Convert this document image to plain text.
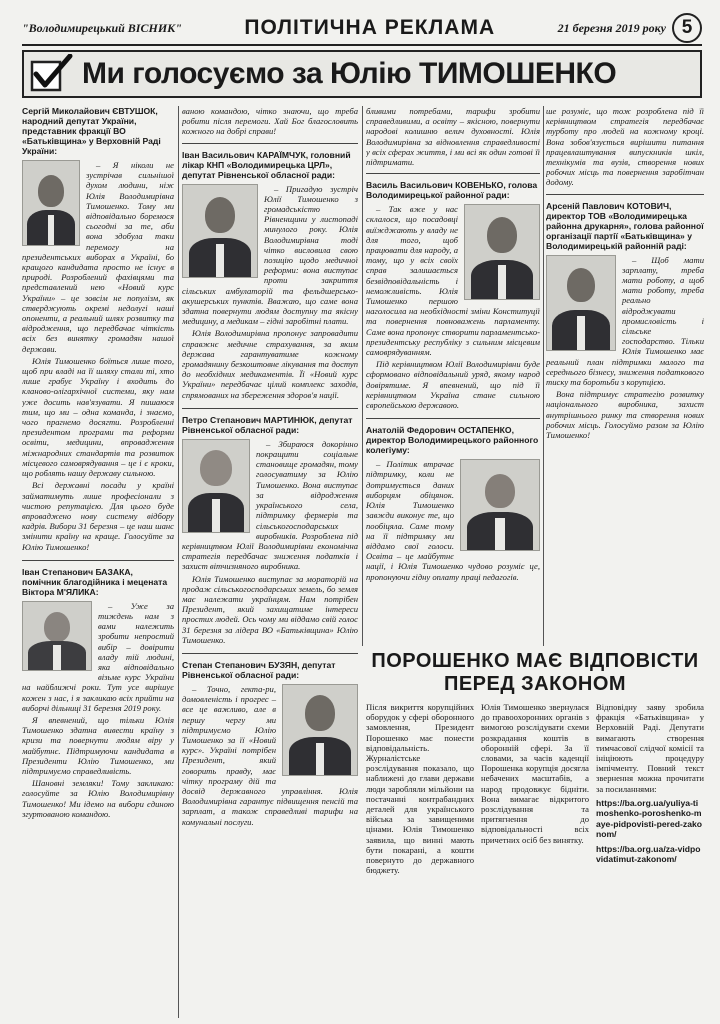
"Володимирецький ВІСНИК"	ПОЛІТИЧНА РЕКЛАМА	21 березня 2019 року 5
Ми голосуємо за Юлію ТИМОШЕНКО
Сергій Миколайович ЄВТУШОК, народний депутат України, представник фракції ВО «Батьківщина» у Верховній Раді України:

– Я ніколи не зустрічав сильнішої духом людини, ніж Юлія Володимирівна Тимошенко. Тому ми відповідально боремося сьогодні за те, аби вона здобула таки перемогу на президентських виборах в Україні, бо кращого кандидата просто не існує в природі. Розроблений фахівцями та представлений нею «Новий курс України» – це зовсім не популізм, як стверджують окремі недолугі наші опоненти, а реальний шлях розвитку та відродження, що передбачає чіткість всіх без винятку громадян нашої держави.

Юлія Тимошенко боїться лише того, щоб при владі на її шляху стали ті, хто лише грабує Україну і входить до кланово-олігархічної системи, яку нам уже досить нав'язувати. Я пишаюся тим, що ми – одна команда, і знаємо, чого прагнемо досягти. Розробленні президентом програми та реформи освіти, медицини, впровадження міжнародних стандартів та розвиток місцевого самоврядування – це і є кроки, що роблять нашу державу сильною.

Всі державні посади у країні займатимуть лише професіонали з чистою репутацією. Для цього буде впроваджено нову систему відбору кадрів. Вибори 31 березня – це наш шанс змінити країну на краще. Голосуйте за Юлію Тимошенко!

Іван Степанович БАЗАКА, помічник благодійника і мецената Віктора М'ЯЛИКА:

– Уже за тиждень нам з вами належить зробити непростий вибір – довірити владу тій людині, яка відповідально візьме курс України на найближчі роки. Тут усе вирішує кожен з нас, і я закликаю всіх прийти на виборчі дільниці 31 березня 2019 року.

Я впевнений, що тільки Юлія Тимошенко здатна вивести країну з кризи та повернути людям віру у майбутнє. Підтримуючи кандидата в Президенти Юлію Тимошенко, ми підтримуємо справедливість.

Шановні земляки! Тому закликаю: голосуйте за Юлію Володимирівну Тимошенко! Ми ідемо на вибори єдиною згуртованою командою.

ваною командою, чітко знаючи, що треба робити після перемоги. Хай Бог благословить кожного на добрі справи!

Іван Васильович КАРАЇМЧУК, головний лікар КНП «Володимирецька ЦРЛ», депутат Рівненської обласної ради:

– Пригадую зустріч Юлії Тимошенко з громадськістю Рівненщини у листопаді минулого року. Юлія Володимирівна тоді чітко висловила свою позицію щодо медичної реформи: вона виступає проти закриття сільських амбулаторій та фельдшерсько-акушерських пунктів. Вважаю, що саме вона здатна повернути людям доступну та якісну медицину, а медикам – гідні заробітні плати.

Юлія Володимирівна пропонує запровадити справжнє медичне страхування, за яким держава гарантуватиме кожному громадянину безкоштовне лікування та доступ до необхідних медикаментів. Її «Новий курс України» передбачає цілий комплекс заходів, спрямованих на збереження здоров'я нації.

Петро Степанович МАРТИНЮК, депутат Рівненської обласної ради:

– Збираюся докорінно покращити соціальне становище громадян, тому голосуватиму за Юлію Тимошенко. Вона виступає за відродження українського села, підтримку фермерів та сільськогосподарських виробників. Розроблена під керівництвом Юлії Володимирівни економічна стратегія передбачає зниження податків і захист вітчизняного виробника.

Юлія Тимошенко виступає за мораторій на продаж сільськогосподарських земель, бо земля має належати українцям. Нам потрібен Президент, який захищатиме інтереси простих людей. Ось чому ми віддамо свій голос 31 березня за лідера ВО «Батьківщина» Юлію Тимошенко.

Степан Степанович БУЗЯН, депутат Рівненської обласної ради:

– Точно, гекта-ри, домовленість і прогрес – все це важливо, але в першу чергу ми підтримуємо Юлію Тимошенко за її «Новий курс». Україні потрібен Президент, який говорить правду, має чітку програму дій та досвід державного управління. Юлія Володимирівна гарантує підвищення пенсій та зарплат, а також справедливі тарифи на комунальні послуги.

бливими потребами, тарифи зробити справедливими, а освіту – якісною, повернути народові колишню велич духовності. Юлія Володимирівна за відновлення справедливості у всіх сферах життя, і ми всі як один готові її підтримати.

Василь Васильович КОВЕНЬКО, голова Володимирецької районної ради:

– Так вже у нас склалося, що посадовці виїжджають у владу не для того, щоб працювати для народу, а тому, що у всіх своїх справ залишається безвідповідальність і неможливість. Юлія Тимошенко першою наголосила на необхідності зміни Конституції та повернення повноважень парламенту. Саме вона пропонує створити парламентсько-президентську республіку з сильним місцевим самоврядуванням.

Під керівництвом Юлії Володимирівни буде сформовано відповідальний уряд, якому народ довірятиме. Я впевнений, що під її керівництвом Україна стане сильною європейською державою.

Анатолій Федорович ОСТАПЕНКО, директор Володимирецького районного колегіуму:

– Політик втрачає підтримку, коли не дотримується даних виборцям обіцянок. Юлія Тимошенко завжди виконує те, що пообіцяла. Саме тому на її підтримку ми віддамо свої голоси. Освіта – це майбутнє нації, і Юлія Тимошенко чудово розуміє це, пропонуючи гідну оплату праці педагогів.

ше розуміє, що тож розроблена під її керівництвом стратегія передбачає турботу про людей на кожному кроці. Вона зобов'язується вирішити питання працевлаштування випускників шкіл, технікумів та вузів, створення нових робочих місць та повернення заробітчан додому.

Арсеній Павлович КОТОВИЧ, директор ТОВ «Володимирецька районна друкарня», голова районної організації партії «Батьківщина» у Володимирецькій районній раді:

– Щоб мати зарплату, треба мати роботу, а щоб мати роботу, треба реально відроджувати промисловість і сільське господарство. Тільки Юлія Тимошенко має реальний план підтримки малого та середнього бізнесу, зниження податкового тиску та боротьби з корупцією.

Вона підтримує стратегію розвитку національного виробника, захист внутрішнього ринку та створення нових робочих місць. Голосуймо разом за Юлію Тимошенко!

ПОРОШЕНКО МАЄ ВІДПОВІСТИ ПЕРЕД ЗАКОНОМ
Після викриття корупційних оборудок у сфері оборонного замовлення, Президент Порошенко має понести відповідальність. Журналістське розслідування показало, що наближені до глави держави люди заробляли мільйони на постачанні контрабандних деталей для українського війська за завищеними цінами. Юлія Тимошенко заявила, що винні мають бути покарані, а кошти повернуто до державного бюджету.
Юлія Тимошенко звернулася до правоохоронних органів з вимогою розслідувати схеми розкрадання коштів в оборонній сфері. За її словами, за часів каденції Порошенка корупція досягла небачених масштабів, а народ продовжує бідніти. Вона вимагає відкритого розслідування та притягнення до відповідальності всіх причетних осіб без винятку.
Відповідну заяву зробила фракція «Батьківщина» у Верховній Раді. Депутати вимагають створення тимчасової слідчої комісії та ініціюють процедуру імпічменту. Повний текст звернення можна прочитати за посиланнями:
https://ba.org.ua/yuliya-timoshenko-poroshenko-maye-pidpovisti-pered-zakonom/
https://ba.org.ua/za-vidpovidatimut-zakonom/
